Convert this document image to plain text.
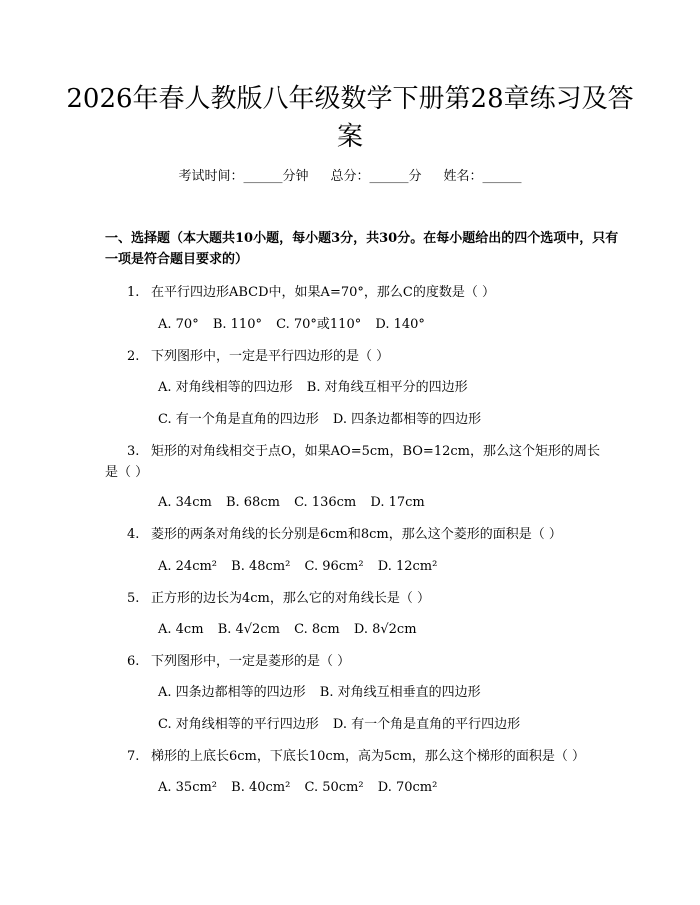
2026年春人教版八年级数学下册第28章练习及答案
考试时间：______分钟 总分：______分 姓名：______

一、选择题（本大题共10小题，每小题3分，共30分。在每小题给出的四个选项中，只有一项是符合题目要求的）

1. 在平行四边形ABCD中，如果A=70°，那么C的度数是（ ）

A. 70° B. 110° C. 70°或110° D. 140°

2. 下列图形中，一定是平行四边形的是（ ）

A. 对角线相等的四边形 B. 对角线互相平分的四边形
C. 有一个角是直角的四边形 D. 四条边都相等的四边形

3. 矩形的对角线相交于点O，如果AO=5cm，BO=12cm，那么这个矩形的周长是（ ）

A. 34cm B. 68cm C. 136cm D. 17cm

4. 菱形的两条对角线的长分别是6cm和8cm，那么这个菱形的面积是（ ）

A. 24cm² B. 48cm² C. 96cm² D. 12cm²

5. 正方形的边长为4cm，那么它的对角线长是（ ）

A. 4cm B. 4√2cm C. 8cm D. 8√2cm

6. 下列图形中，一定是菱形的是（ ）

A. 四条边都相等的四边形 B. 对角线互相垂直的四边形
C. 对角线相等的平行四边形 D. 有一个角是直角的平行四边形

7. 梯形的上底长6cm，下底长10cm，高为5cm，那么这个梯形的面积是（ ）

A. 35cm² B. 40cm² C. 50cm² D. 70cm²
